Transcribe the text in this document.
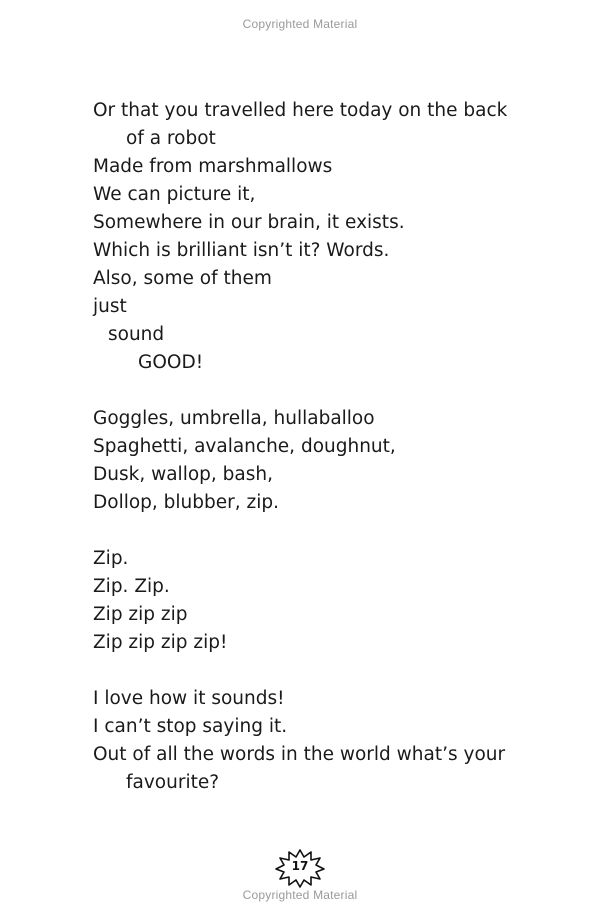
Copyrighted Material
Or that you travelled here today on the back
of a robot
Made from marshmallows
We can picture it,
Somewhere in our brain, it exists.
Which is brilliant isn’t it? Words.
Also, some of them
just
sound
GOOD!
Goggles, umbrella, hullaballoo
Spaghetti, avalanche, doughnut,
Dusk, wallop, bash,
Dollop, blubber, zip.
Zip.
Zip. Zip.
Zip zip zip
Zip zip zip zip!
I love how it sounds!
I can’t stop saying it.
Out of all the words in the world what’s your
favourite?
17
Copyrighted Material
